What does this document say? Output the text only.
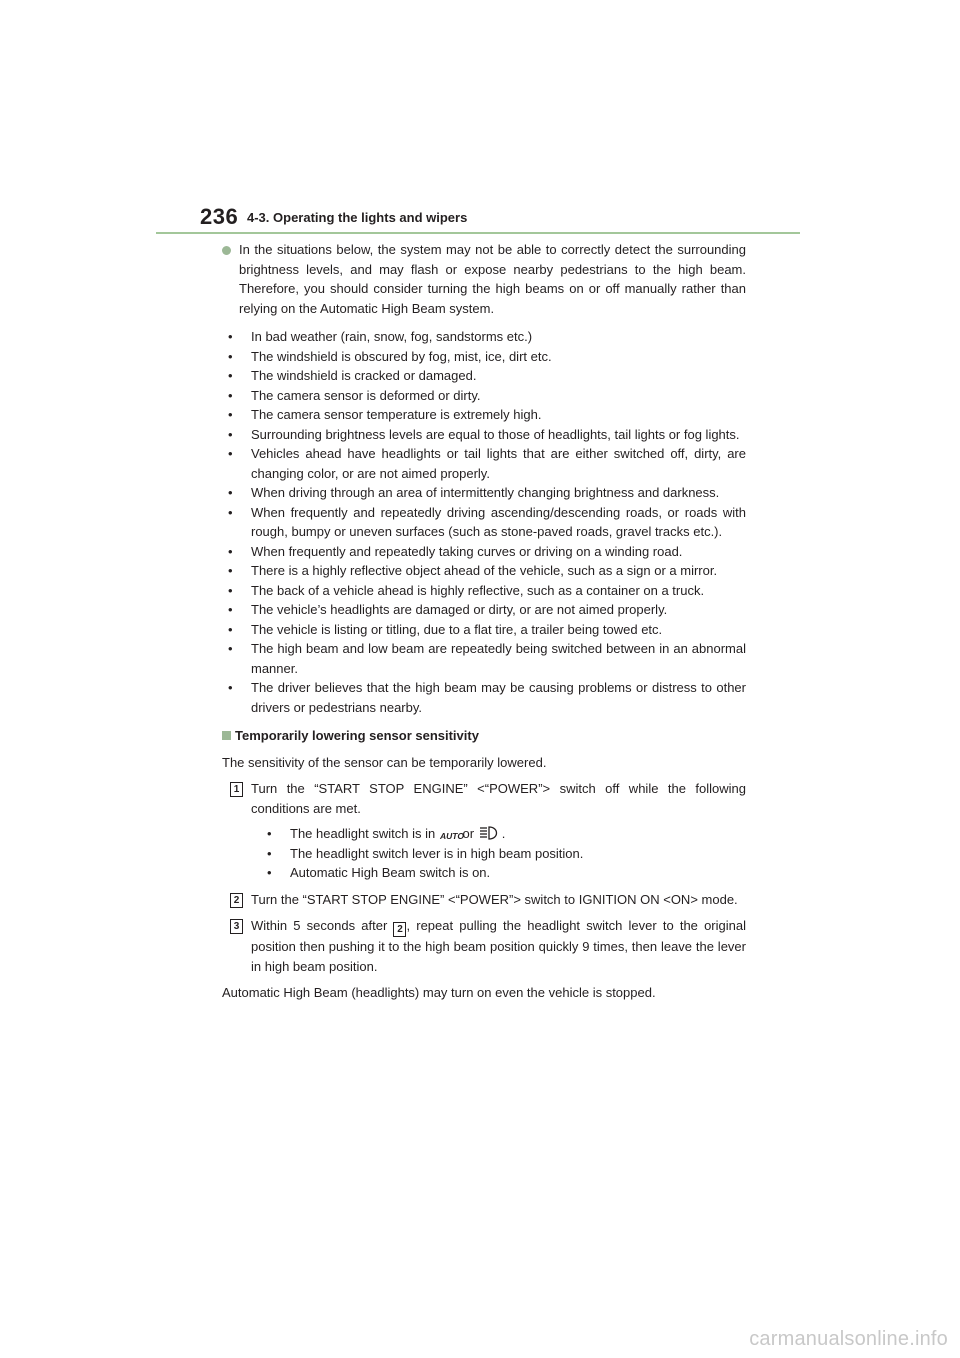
236 4-3. Operating the lights and wipers
In the situations below, the system may not be able to correctly detect the surrounding brightness levels, and may flash or expose nearby pedestrians to the high beam. Therefore, you should consider turning the high beams on or off manually rather than relying on the Automatic High Beam system.
• In bad weather (rain, snow, fog, sandstorms etc.)
• The windshield is obscured by fog, mist, ice, dirt etc.
• The windshield is cracked or damaged.
• The camera sensor is deformed or dirty.
• The camera sensor temperature is extremely high.
• Surrounding brightness levels are equal to those of headlights, tail lights or fog lights.
• Vehicles ahead have headlights or tail lights that are either switched off, dirty, are changing color, or are not aimed properly.
• When driving through an area of intermittently changing brightness and darkness.
• When frequently and repeatedly driving ascending/descending roads, or roads with rough, bumpy or uneven surfaces (such as stone-paved roads, gravel tracks etc.).
• When frequently and repeatedly taking curves or driving on a winding road.
• There is a highly reflective object ahead of the vehicle, such as a sign or a mirror.
• The back of a vehicle ahead is highly reflective, such as a container on a truck.
• The vehicle’s headlights are damaged or dirty, or are not aimed properly.
• The vehicle is listing or titling, due to a flat tire, a trailer being towed etc.
• The high beam and low beam are repeatedly being switched between in an abnormal manner.
• The driver believes that the high beam may be causing problems or distress to other drivers or pedestrians nearby.
Temporarily lowering sensor sensitivity
The sensitivity of the sensor can be temporarily lowered.
1 Turn the “START STOP ENGINE” <“POWER”> switch off while the following conditions are met.
• The headlight switch is in AUTO
or .
• The headlight switch lever is in high beam position.
• Automatic High Beam switch is on.
2 Turn the “START STOP ENGINE” <“POWER”> switch to IGNITION ON <ON> mode.
3 Within 5 seconds after 2 , repeat pulling the headlight switch lever to the original position then pushing it to the high beam position quickly 9 times, then leave the lever in high beam position.
Automatic High Beam (headlights) may turn on even the vehicle is stopped.
carmanualsonline.info
